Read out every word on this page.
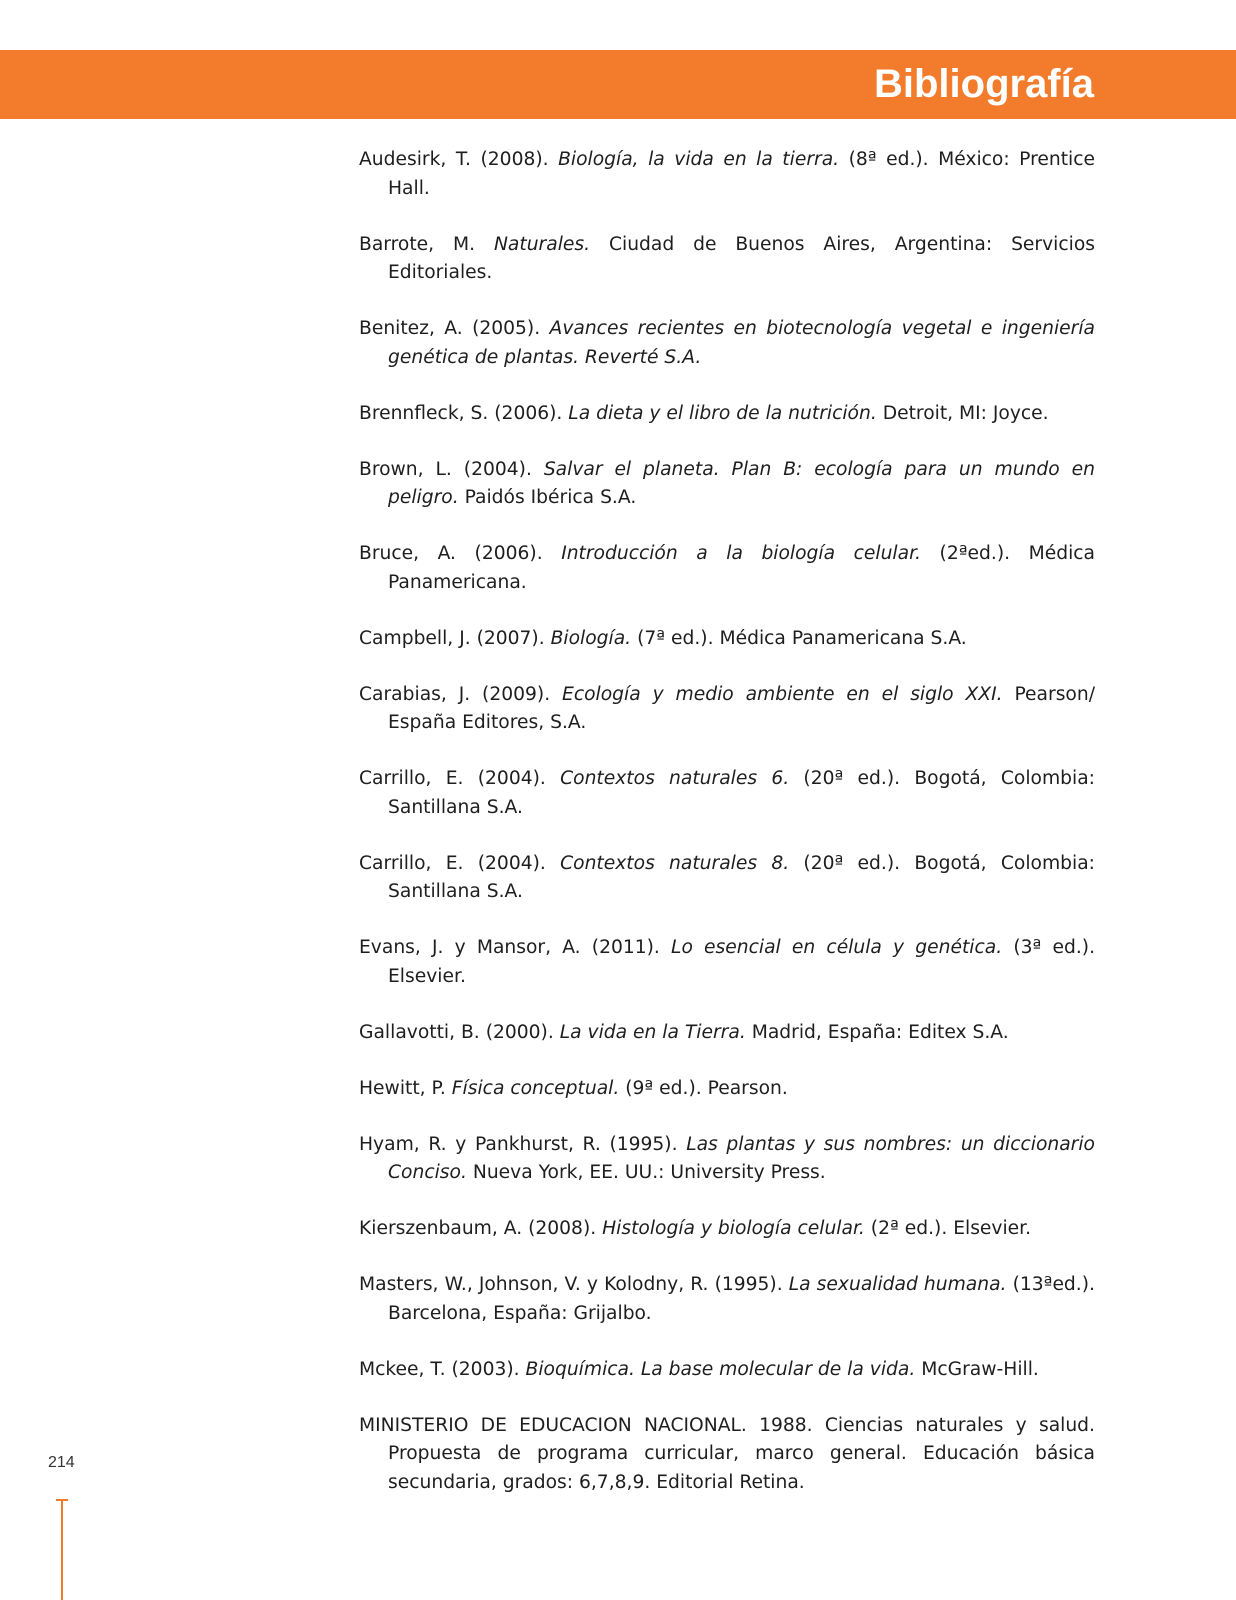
Bibliografía
Audesirk, T. (2008). Biología, la vida en la tierra. (8ª ed.). México: Prentice Hall.
Barrote, M. Naturales. Ciudad de Buenos Aires, Argentina: Servicios Editoriales.
Benitez, A. (2005). Avances recientes en biotecnología vegetal e ingeniería genética de plantas. Reverté S.A.
Brennfleck, S. (2006). La dieta y el libro de la nutrición. Detroit, MI: Joyce.
Brown, L. (2004). Salvar el planeta. Plan B: ecología para un mundo en peligro. Paidós Ibérica S.A.
Bruce, A. (2006). Introducción a la biología celular. (2ªed.). Médica Panamericana.
Campbell, J. (2007). Biología. (7ª ed.). Médica Panamericana S.A.
Carabias, J. (2009). Ecología y medio ambiente en el siglo XXI. Pearson/ España Editores, S.A.
Carrillo, E. (2004). Contextos naturales 6. (20ª ed.). Bogotá, Colombia: Santillana S.A.
Carrillo, E. (2004). Contextos naturales 8. (20ª ed.). Bogotá, Colombia: Santillana S.A.
Evans, J. y Mansor, A. (2011). Lo esencial en célula y genética. (3ª ed.). Elsevier.
Gallavotti, B. (2000). La vida en la Tierra. Madrid, España: Editex S.A.
Hewitt, P. Física conceptual. (9ª ed.). Pearson.
Hyam, R. y Pankhurst, R. (1995). Las plantas y sus nombres: un diccionario Conciso. Nueva York, EE. UU.: University Press.
Kierszenbaum, A. (2008). Histología y biología celular. (2ª ed.). Elsevier.
Masters, W., Johnson, V. y Kolodny, R. (1995). La sexualidad humana. (13ªed.). Barcelona, España: Grijalbo.
Mckee, T. (2003). Bioquímica. La base molecular de la vida. McGraw-Hill.
MINISTERIO DE EDUCACION NACIONAL. 1988. Ciencias naturales y salud. Propuesta de programa curricular, marco general. Educación básica secundaria, grados: 6,7,8,9. Editorial Retina.

214
